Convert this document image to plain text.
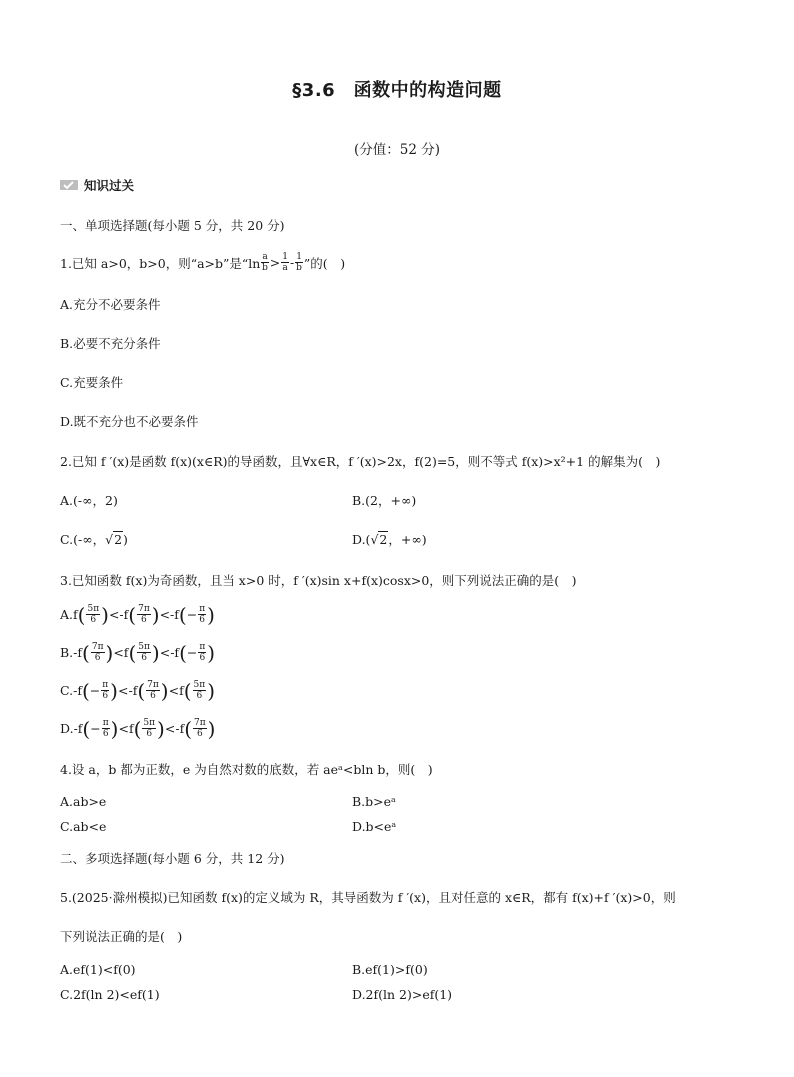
§3.6　函数中的构造问题
(分值：52 分)
知识过关
一、单项选择题(每小题 5 分，共 20 分)
1.已知 a>0，b>0，则“a>b”是“$\ln \frac{a}{b} > \frac{1}{a} - \frac{1}{b}$ ”的(　)
A.充分不必要条件
B.必要不充分条件
C.充要条件
D.既不充分也不必要条件
2.已知 f ′(x)是函数 f(x)(x∈R)的导函数，且∀x∈R，f ′(x)>2x，f(2)=5，则不等式 f(x)>x²+1 的解集为(　)
A.(-∞，2)	B.(2，+∞)
C.(-∞， √ 2 )	D.( √ 2 ，+∞)
3.已知函数 f(x)为奇函数，且当 x>0 时，f ′(x)sin x+f(x)cosx>0，则下列说法正确的是(　)
A. f ( $\frac{5\pi}{6}$ ) < -f ( $\frac{7\pi}{6}$ ) < -f ( − $\frac{\pi}{6}$ )
B. -f ( $\frac{7\pi}{6}$ ) < f ( $\frac{5\pi}{6}$ ) < -f ( − $\frac{\pi}{6}$ )
C. -f ( − $\frac{\pi}{6}$ ) < -f ( $\frac{7\pi}{6}$ ) < f ( $\frac{5\pi}{6}$ )
D. -f ( − $\frac{\pi}{6}$ ) < f ( $\frac{5\pi}{6}$ ) < -f ( $\frac{7\pi}{6}$ )
4.设 a，b 都为正数，e 为自然对数的底数，若 aeᵃ<bln b，则(　)
A.ab>e	B.b>eᵃ
C.ab<e	D.b<eᵃ
二、多项选择题(每小题 6 分，共 12 分)
5.(2025·滁州模拟)已知函数 f(x)的定义域为 R，其导函数为 f ′(x)，且对任意的 x∈R，都有 f(x)+f ′(x)>0，则
下列说法正确的是(　)
A.ef(1)<f(0)	B.ef(1)>f(0)
C.2f(ln 2)<ef(1)	D.2f(ln 2)>ef(1)
